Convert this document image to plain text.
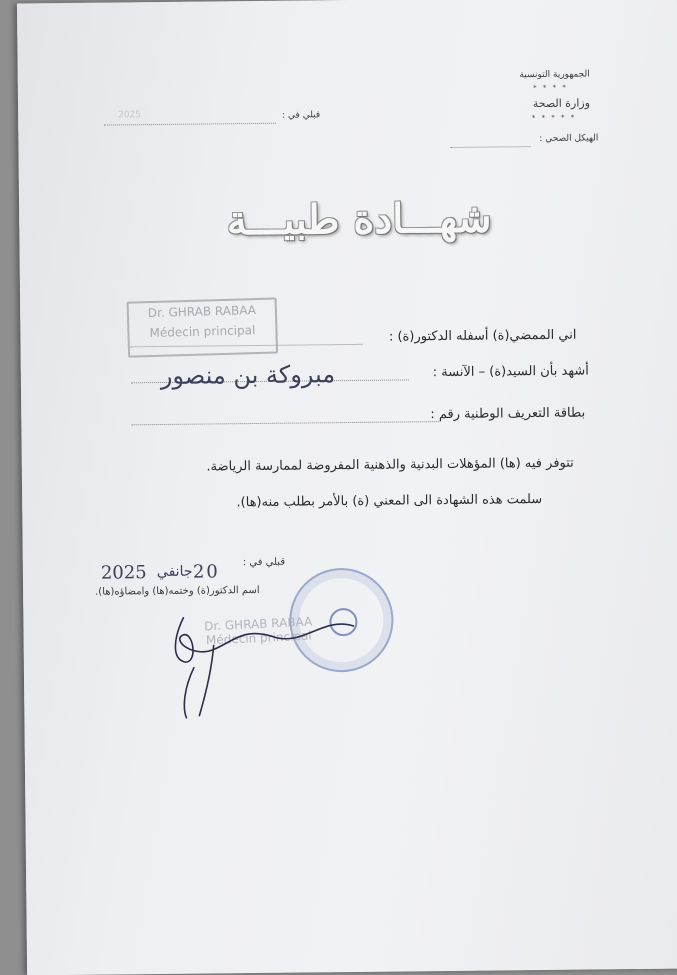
الجمهورية التونسية
* * * *
وزارة الصحة
* * * * *
الهيكل الصحي :
قبلي في :
2025
شهـــادة طبيـــة
Dr. GHRAB RABAA
Médecin principal	اني الممضي(ة) أسفله الدكتور(ة) :
أشهد بأن السيد(ة) – الآنسة :
مبروكة بن منصور
بطاقة التعريف الوطنية رقم :
تتوفر فيه (ها) المؤهلات البدنية والذهنية المفروضة لممارسة الرياضة.
سلمت هذه الشهادة الى المعني (ة) بالأمر بطلب منه(ها).
قبلي في :
2025 جانفي 20
اسم الدكتور(ة) وختمه(ها) وامضاؤه(ها).
Dr. GHRAB RABAA
Médecin principal
